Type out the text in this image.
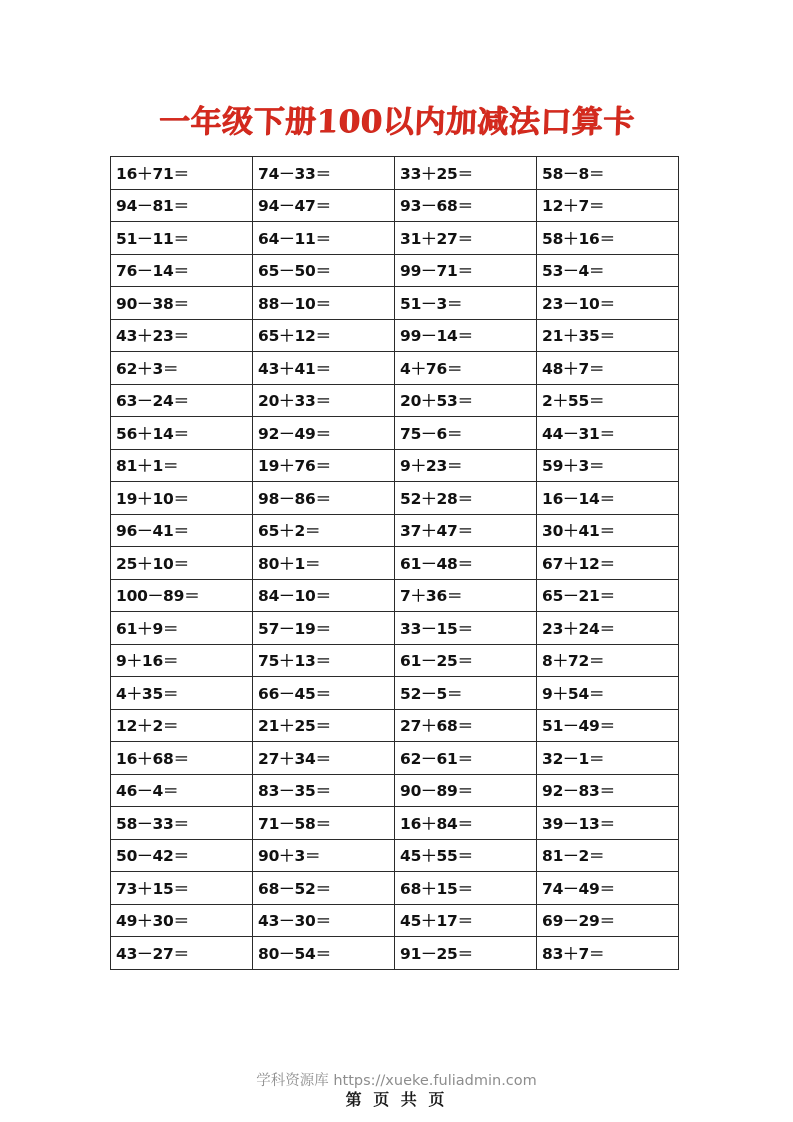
一年级下册100以内加减法口算卡
16＋71＝	74－33＝	33＋25＝	58－8＝
94－81＝	94－47＝	93－68＝	12＋7＝
51－11＝	64－11＝	31＋27＝	58＋16＝
76－14＝	65－50＝	99－71＝	53－4＝
90－38＝	88－10＝	51－3＝	23－10＝
43＋23＝	65＋12＝	99－14＝	21＋35＝
62＋3＝	43＋41＝	4＋76＝	48＋7＝
63－24＝	20＋33＝	20＋53＝	2＋55＝
56＋14＝	92－49＝	75－6＝	44－31＝
81＋1＝	19＋76＝	9＋23＝	59＋3＝
19＋10＝	98－86＝	52＋28＝	16－14＝
96－41＝	65＋2＝	37＋47＝	30＋41＝
25＋10＝	80＋1＝	61－48＝	67＋12＝
100－89＝	84－10＝	7＋36＝	65－21＝
61＋9＝	57－19＝	33－15＝	23＋24＝
9＋16＝	75＋13＝	61－25＝	8＋72＝
4＋35＝	66－45＝	52－5＝	9＋54＝
12＋2＝	21＋25＝	27＋68＝	51－49＝
16＋68＝	27＋34＝	62－61＝	32－1＝
46－4＝	83－35＝	90－89＝	92－83＝
58－33＝	71－58＝	16＋84＝	39－13＝
50－42＝	90＋3＝	45＋55＝	81－2＝
73＋15＝	68－52＝	68＋15＝	74－49＝
49＋30＝	43－30＝	45＋17＝	69－29＝
43－27＝	80－54＝	91－25＝	83＋7＝
学科资源库 https://xueke.fuliadmin.com
第 页 共 页
